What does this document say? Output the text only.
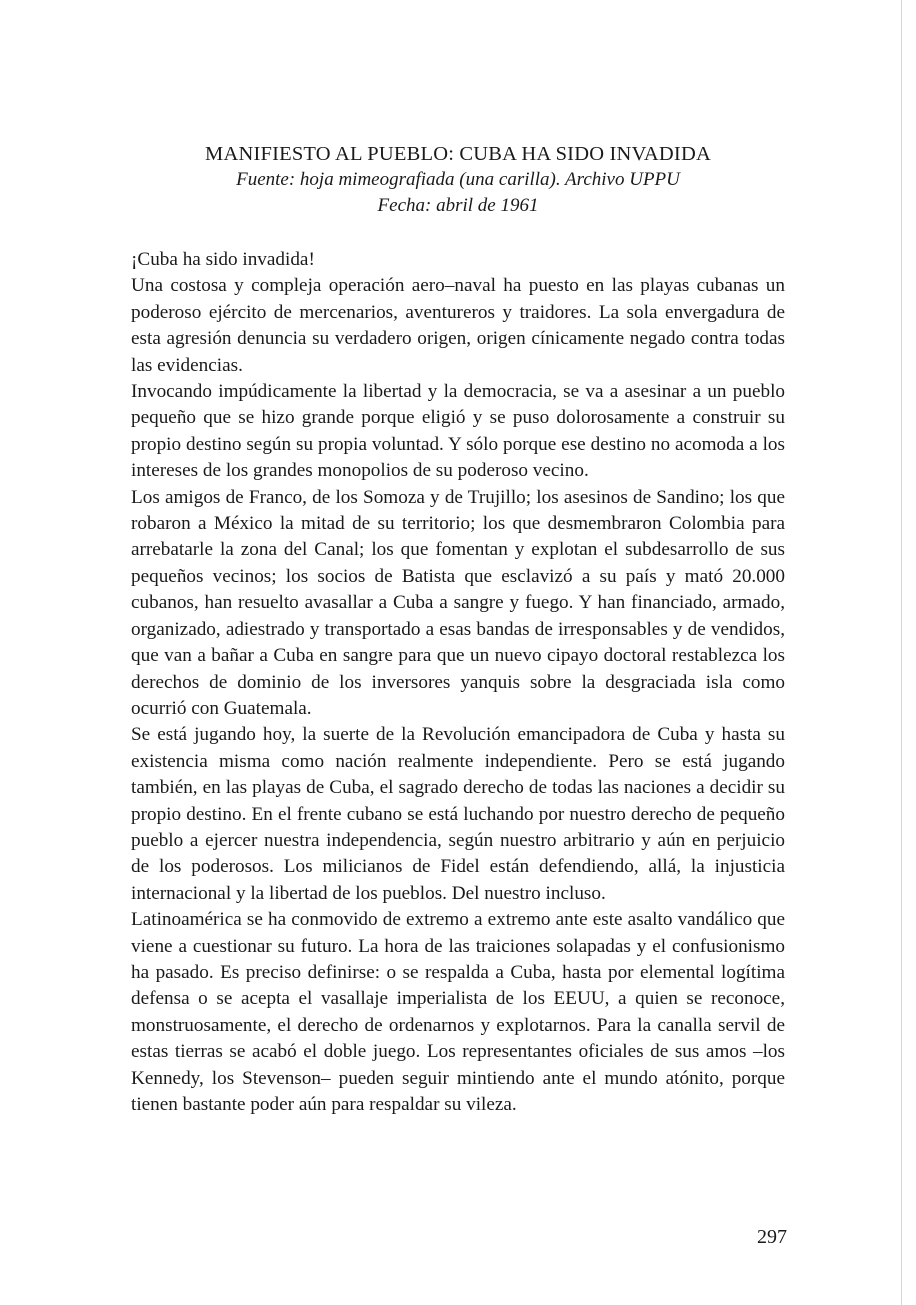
MANIFIESTO AL PUEBLO: CUBA HA SIDO INVADIDA
Fuente: hoja mimeografiada (una carilla). Archivo UPPU
Fecha: abril de 1961

¡Cuba ha sido invadida!

Una costosa y compleja operación aero–naval ha puesto en las playas cubanas un poderoso ejército de mercenarios, aventureros y traidores. La sola envergadura de esta agresión denuncia su verdadero origen, origen cínicamente negado contra todas las evidencias.

Invocando impúdicamente la libertad y la democracia, se va a asesinar a un pueblo pequeño que se hizo grande porque eligió y se puso dolorosamente a construir su propio destino según su propia voluntad. Y sólo porque ese destino no acomoda a los intereses de los grandes monopolios de su poderoso vecino.

Los amigos de Franco, de los Somoza y de Trujillo; los asesinos de Sandino; los que robaron a México la mitad de su territorio; los que desmembraron Colombia para arrebatarle la zona del Canal; los que fomentan y explotan el subdesarrollo de sus pequeños vecinos; los socios de Batista que esclavizó a su país y mató 20.000 cubanos, han resuelto avasallar a Cuba a sangre y fuego. Y han financiado, armado, organizado, adiestrado y transportado a esas bandas de irresponsables y de vendidos, que van a bañar a Cuba en sangre para que un nuevo cipayo doctoral restablezca los derechos de dominio de los inversores yanquis sobre la desgraciada isla como ocurrió con Guatemala.

Se está jugando hoy, la suerte de la Revolución emancipadora de Cuba y hasta su existencia misma como nación realmente independiente. Pero se está jugando también, en las playas de Cuba, el sagrado derecho de todas las naciones a decidir su propio destino. En el frente cubano se está luchando por nuestro derecho de pequeño pueblo a ejercer nuestra independencia, según nuestro arbitrario y aún en perjuicio de los poderosos. Los milicianos de Fidel están defendiendo, allá, la injusticia internacional y la libertad de los pueblos. Del nuestro incluso.

Latinoamérica se ha conmovido de extremo a extremo ante este asalto vandálico que viene a cuestionar su futuro. La hora de las traiciones solapadas y el confusionismo ha pasado. Es preciso definirse: o se respalda a Cuba, hasta por elemental logítima defensa o se acepta el vasallaje imperialista de los EEUU, a quien se reconoce, monstruosamente, el derecho de ordenarnos y explotarnos. Para la canalla servil de estas tierras se acabó el doble juego. Los representantes oficiales de sus amos –los Kennedy, los Stevenson– pueden seguir mintiendo ante el mundo atónito, porque tienen bastante poder aún para respaldar su vileza.

297
